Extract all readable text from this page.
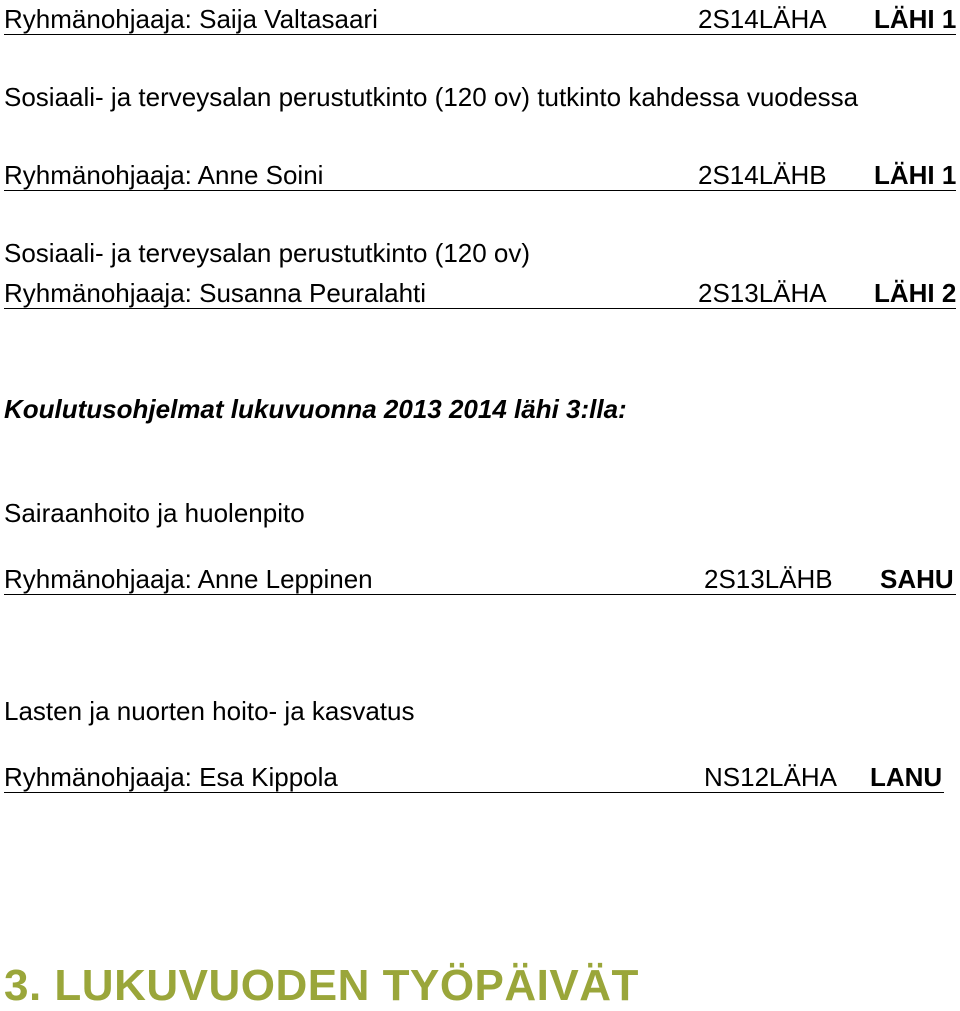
Ryhmänohjaaja: Saija Valtasaari	2S14LÄHA LÄHI 1
Sosiaali- ja terveysalan perustutkinto (120 ov) tutkinto kahdessa vuodessa
Ryhmänohjaaja: Anne Soini	2S14LÄHB LÄHI 1
Sosiaali- ja terveysalan perustutkinto (120 ov)
Ryhmänohjaaja: Susanna Peuralahti	2S13LÄHA LÄHI 2
Koulutusohjelmat lukuvuonna 2013 2014 lähi 3:lla:
Sairaanhoito ja huolenpito
Ryhmänohjaaja: Anne Leppinen	2S13LÄHB SAHU
Lasten ja nuorten hoito- ja kasvatus
Ryhmänohjaaja: Esa Kippola	NS12LÄHA LANU
3. LUKUVUODEN TYÖPÄIVÄT
